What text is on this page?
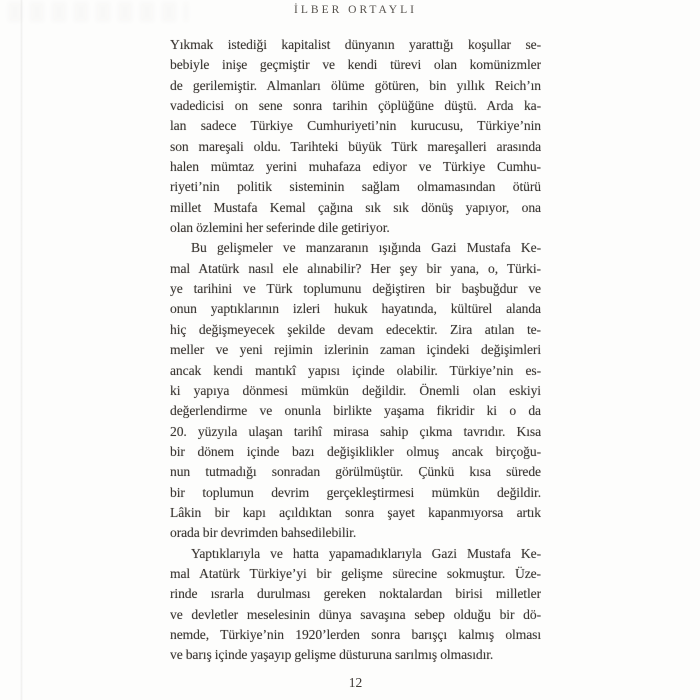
İLBER ORTAYLI
Yıkmak istediği kapitalist dünyanın yarattığı koşullar se-
bebiyle inişe geçmiştir ve kendi türevi olan komünizmler
de gerilemiştir. Almanları ölüme götüren, bin yıllık Reich’ın
vadedicisi on sene sonra tarihin çöplüğüne düştü. Arda ka-
lan sadece Türkiye Cumhuriyeti’nin kurucusu, Türkiye’nin
son mareşali oldu. Tarihteki büyük Türk mareşalleri arasında
halen mümtaz yerini muhafaza ediyor ve Türkiye Cumhu-
riyeti’nin politik sisteminin sağlam olmamasından ötürü
millet Mustafa Kemal çağına sık sık dönüş yapıyor, ona
olan özlemini her seferinde dile getiriyor.
Bu gelişmeler ve manzaranın ışığında Gazi Mustafa Ke-
mal Atatürk nasıl ele alınabilir? Her şey bir yana, o, Türki-
ye tarihini ve Türk toplumunu değiştiren bir başbuğdur ve
onun yaptıklarının izleri hukuk hayatında, kültürel alanda
hiç değişmeyecek şekilde devam edecektir. Zira atılan te-
meller ve yeni rejimin izlerinin zaman içindeki değişimleri
ancak kendi mantıkî yapısı içinde olabilir. Türkiye’nin es-
ki yapıya dönmesi mümkün değildir. Önemli olan eskiyi
değerlendirme ve onunla birlikte yaşama fikridir ki o da
20. yüzyıla ulaşan tarihî mirasa sahip çıkma tavrıdır. Kısa
bir dönem içinde bazı değişiklikler olmuş ancak birçoğu-
nun tutmadığı sonradan görülmüştür. Çünkü kısa sürede
bir toplumun devrim gerçekleştirmesi mümkün değildir.
Lâkin bir kapı açıldıktan sonra şayet kapanmıyorsa artık
orada bir devrimden bahsedilebilir.
Yaptıklarıyla ve hatta yapamadıklarıyla Gazi Mustafa Ke-
mal Atatürk Türkiye’yi bir gelişme sürecine sokmuştur. Üze-
rinde ısrarla durulması gereken noktalardan birisi milletler
ve devletler meselesinin dünya savaşına sebep olduğu bir dö-
nemde, Türkiye’nin 1920’lerden sonra barışçı kalmış olması
ve barış içinde yaşayıp gelişme düsturuna sarılmış olmasıdır.
12
